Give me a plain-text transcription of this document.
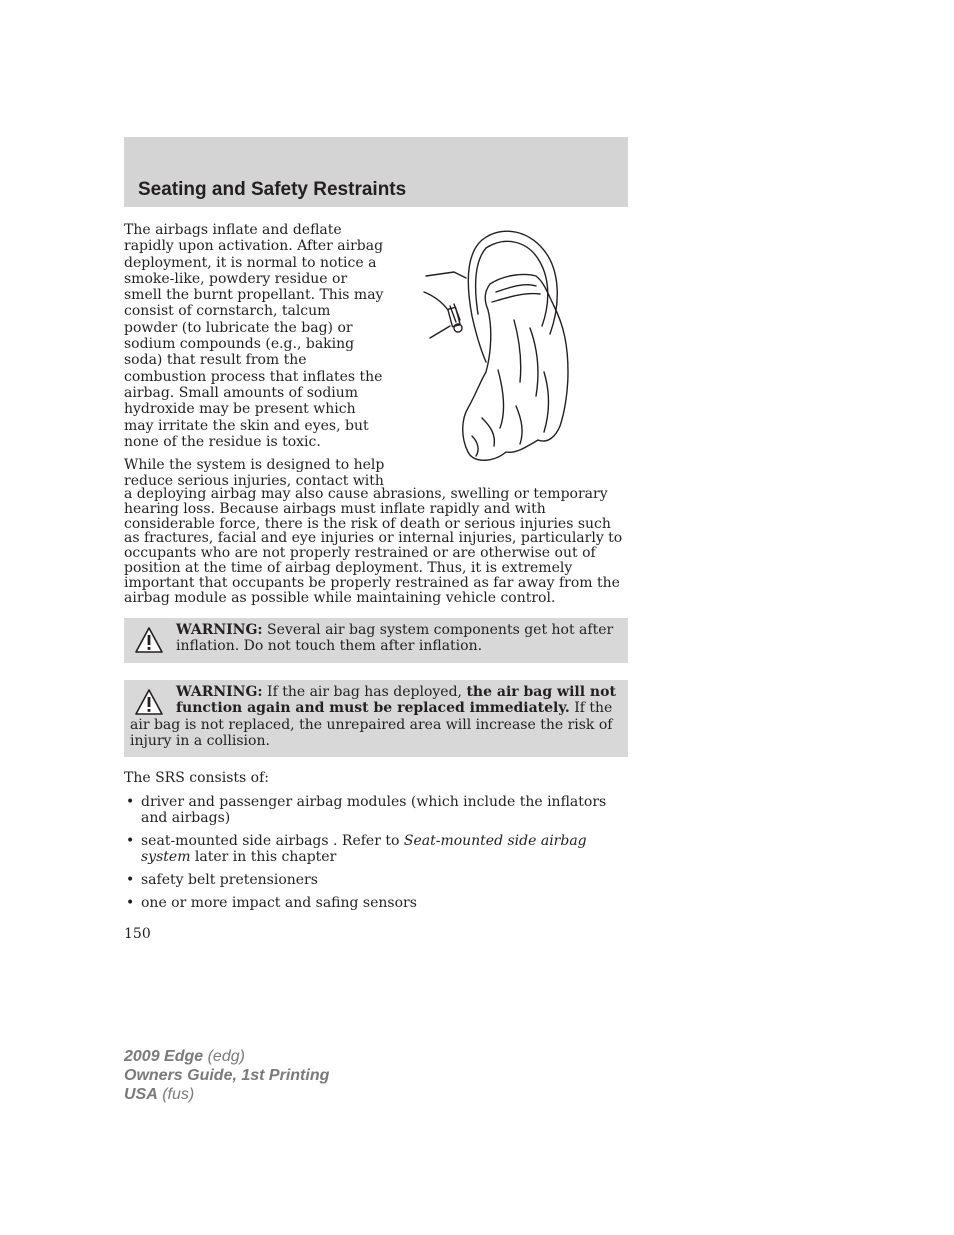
Seating and Safety Restraints

The airbags inflate and deflate rapidly upon activation. After airbag deployment, it is normal to notice a smoke-like, powdery residue or smell the burnt propellant. This may consist of cornstarch, talcum powder (to lubricate the bag) or sodium compounds (e.g., baking soda) that result from the combustion process that inflates the airbag. Small amounts of sodium hydroxide may be present which may irritate the skin and eyes, but none of the residue is toxic.

While the system is designed to help reduce serious injuries, contact with

a deploying airbag may also cause abrasions, swelling or temporary hearing loss. Because airbags must inflate rapidly and with considerable force, there is the risk of death or serious injuries such as fractures, facial and eye injuries or internal injuries, particularly to occupants who are not properly restrained or are otherwise out of position at the time of airbag deployment. Thus, it is extremely important that occupants be properly restrained as far away from the airbag module as possible while maintaining vehicle control.

WARNING: Several air bag system components get hot after inflation. Do not touch them after inflation.

WARNING: If the air bag has deployed, the air bag will not function again and must be replaced immediately. If the air bag is not replaced, the unrepaired area will increase the risk of injury in a collision.

The SRS consists of:

• driver and passenger airbag modules (which include the inflators and airbags)
• seat-mounted side airbags . Refer to Seat-mounted side airbag system later in this chapter
• safety belt pretensioners
• one or more impact and safing sensors

150

2009 Edge (edg)
Owners Guide, 1st Printing
USA (fus)
